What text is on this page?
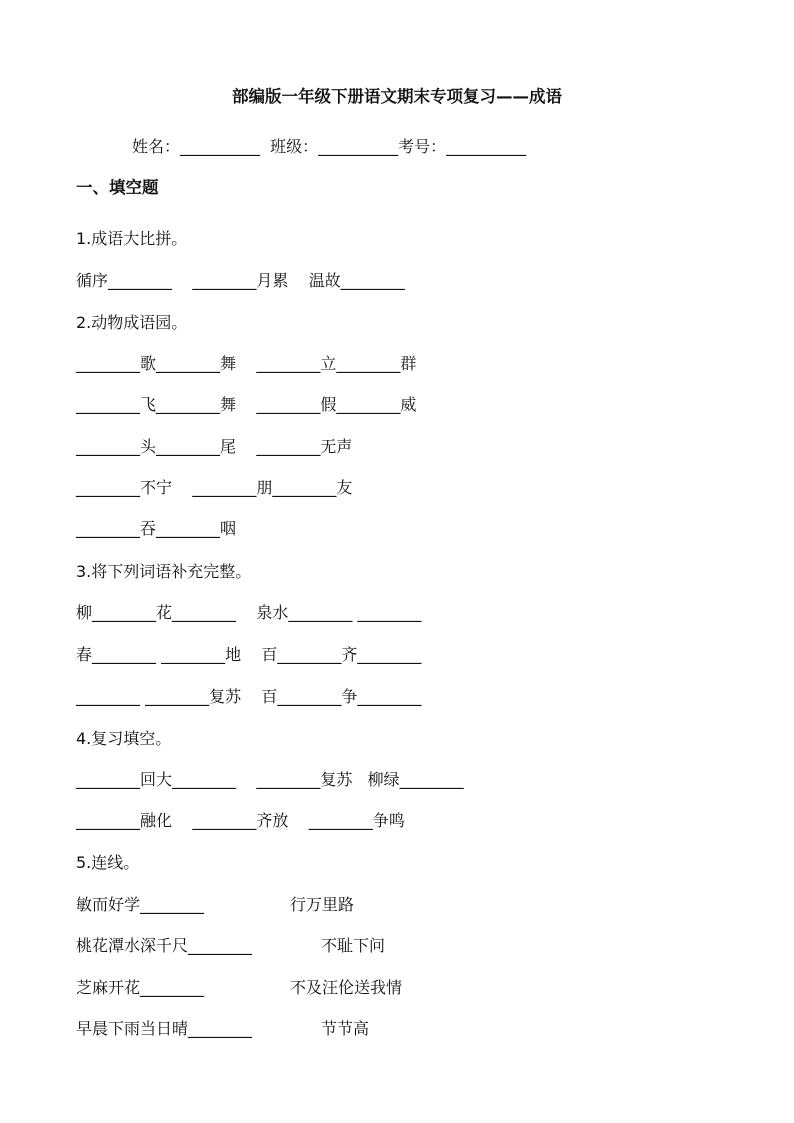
部编版一年级下册语文期末专项复习——成语
姓名：__________  班级：__________考号：__________
一、填空题
1.成语大比拼。
循序________    ________月累    温故________
2.动物成语园。
________歌________舞    ________立________群
________飞________舞    ________假________威
________头________尾    ________无声
________不宁    ________朋________友
________吞________咽
3.将下列词语补充完整。
柳________花________    泉水________ ________
春________ ________地    百________齐________
________ ________复苏    百________争________
4.复习填空。
________回大________    ________复苏   柳绿________
________融化    ________齐放    ________争鸣
5.连线。
敏而好学________	行万里路
桃花潭水深千尺________	不耻下问
芝麻开花________	不及汪伦送我情
早晨下雨当日晴________	节节高
